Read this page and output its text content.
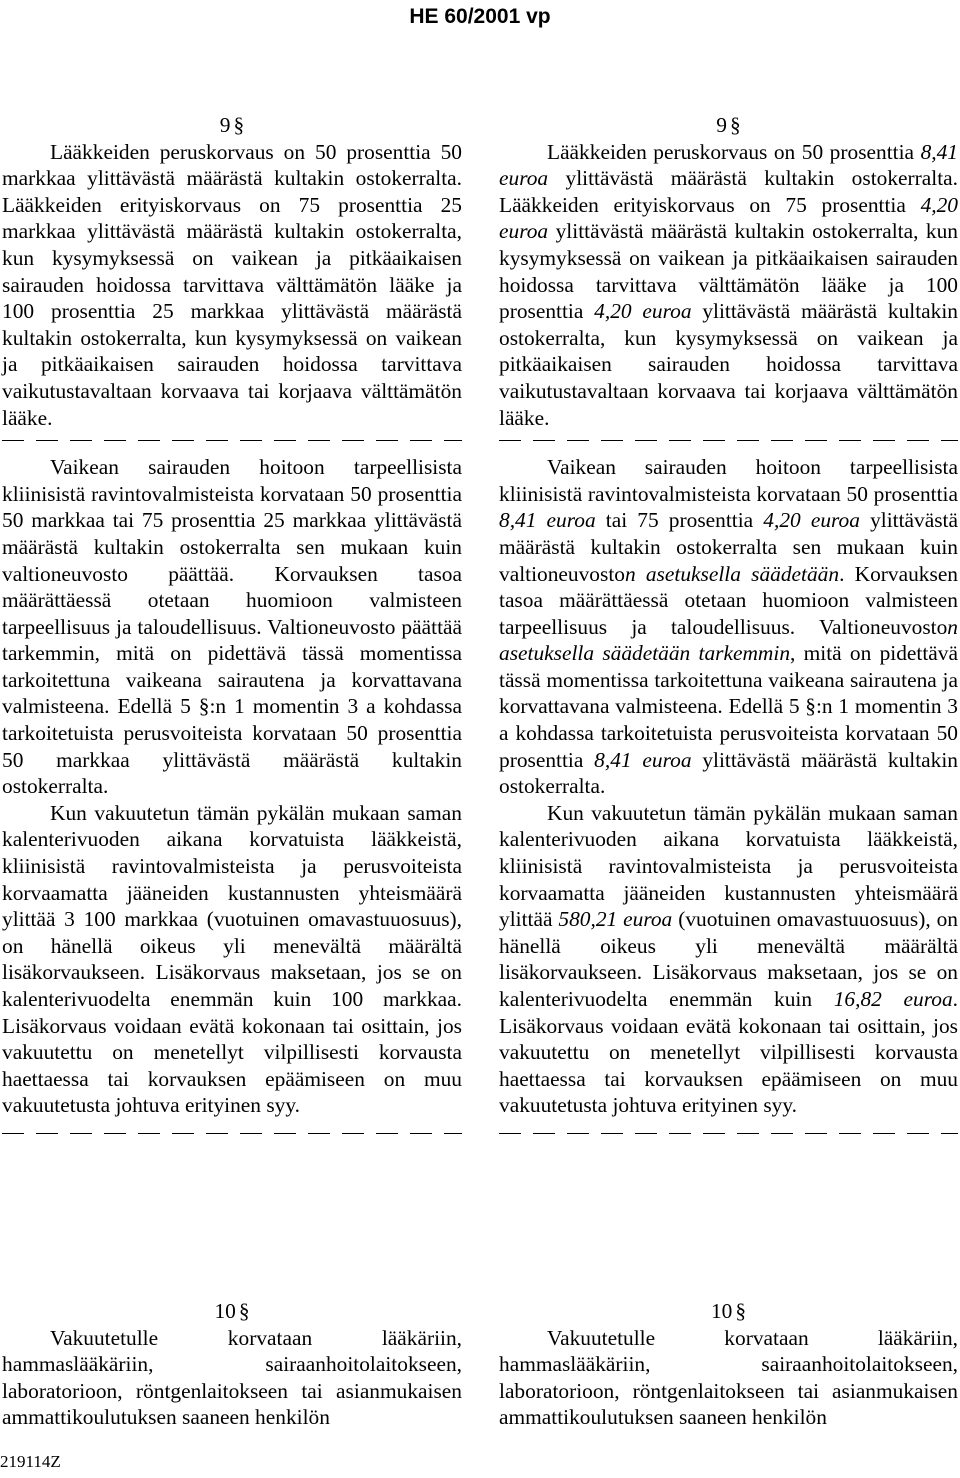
HE 60/2001 vp

9 §

Lääkkeiden peruskorvaus on 50 prosenttia 50 markkaa ylittävästä määrästä kultakin ostokerralta. Lääkkeiden erityiskorvaus on 75 prosenttia 25 markkaa ylittävästä määrästä kultakin ostokerralta, kun kysymyksessä on vaikean ja pitkäaikaisen sairauden hoidossa tarvittava välttämätön lääke ja 100 prosenttia 25 markkaa ylittävästä määrästä kultakin ostokerralta, kun kysymyksessä on vaikean ja pitkäaikaisen sairauden hoidossa tarvittava vaikutustavaltaan korvaava tai korjaava välttämätön lääke.

Vaikean sairauden hoitoon tarpeellisista kliinisistä ravintovalmisteista korvataan 50 prosenttia 50 markkaa tai 75 prosenttia 25 markkaa ylittävästä määrästä kultakin ostokerralta sen mukaan kuin valtioneuvosto päättää. Korvauksen tasoa määrättäessä otetaan huomioon valmisteen tarpeellisuus ja taloudellisuus. Valtioneuvosto päättää tarkemmin, mitä on pidettävä tässä momentissa tarkoitettuna vaikeana sairautena ja korvattavana valmisteena. Edellä 5 §:n 1 momentin 3 a kohdassa tarkoitetuista perusvoiteista korvataan 50 prosenttia 50 markkaa ylittävästä määrästä kultakin ostokerralta.

Kun vakuutetun tämän pykälän mukaan saman kalenterivuoden aikana korvatuista lääkkeistä, kliinisistä ravintovalmisteista ja perusvoiteista korvaamatta jääneiden kustannusten yhteismäärä ylittää 3 100 markkaa (vuotuinen omavastuuosuus), on hänellä oikeus yli menevältä määrältä lisäkorvaukseen. Lisäkorvaus maksetaan, jos se on kalenterivuodelta enemmän kuin 100 markkaa. Lisäkorvaus voidaan evätä kokonaan tai osittain, jos vakuutettu on menetellyt vilpillisesti korvausta haettaessa tai korvauksen epäämiseen on muu vakuutetusta johtuva erityinen syy.

9 §

Lääkkeiden peruskorvaus on 50 prosenttia 8,41 euroa ylittävästä määrästä kultakin ostokerralta. Lääkkeiden erityiskorvaus on 75 prosenttia 4,20 euroa ylittävästä määrästä kultakin ostokerralta, kun kysymyksessä on vaikean ja pitkäaikaisen sairauden hoidossa tarvittava välttämätön lääke ja 100 prosenttia 4,20 euroa ylittävästä määrästä kultakin ostokerralta, kun kysymyksessä on vaikean ja pitkäaikaisen sairauden hoidossa tarvittava vaikutustavaltaan korvaava tai korjaava välttämätön lääke.

Vaikean sairauden hoitoon tarpeellisista kliinisistä ravintovalmisteista korvataan 50 prosenttia 8,41 euroa tai 75 prosenttia 4,20 euroa ylittävästä määrästä kultakin ostokerralta sen mukaan kuin valtioneuvoston asetuksella säädetään. Korvauksen tasoa määrättäessä otetaan huomioon valmisteen tarpeellisuus ja taloudellisuus. Valtioneuvoston asetuksella säädetään tarkemmin, mitä on pidettävä tässä momentissa tarkoitettuna vaikeana sairautena ja korvattavana valmisteena. Edellä 5 §:n 1 momentin 3 a kohdassa tarkoitetuista perusvoiteista korvataan 50 prosenttia 8,41 euroa ylittävästä määrästä kultakin ostokerralta.

Kun vakuutetun tämän pykälän mukaan saman kalenterivuoden aikana korvatuista lääkkeistä, kliinisistä ravintovalmisteista ja perusvoiteista korvaamatta jääneiden kustannusten yhteismäärä ylittää 580,21 euroa (vuotuinen omavastuuosuus), on hänellä oikeus yli menevältä määrältä lisäkorvaukseen. Lisäkorvaus maksetaan, jos se on kalenterivuodelta enemmän kuin 16,82 euroa. Lisäkorvaus voidaan evätä kokonaan tai osittain, jos vakuutettu on menetellyt vilpillisesti korvausta haettaessa tai korvauksen epäämiseen on muu vakuutetusta johtuva erityinen syy.

10 §

Vakuutetulle korvataan lääkäriin, hammaslääkäriin, sairaanhoitolaitokseen, laboratorioon, röntgenlaitokseen tai asianmukaisen ammattikoulutuksen saaneen henkilön

10 §

Vakuutetulle korvataan lääkäriin, hammaslääkäriin, sairaanhoitolaitokseen, laboratorioon, röntgenlaitokseen tai asianmukaisen ammattikoulutuksen saaneen henkilön

219114Z
